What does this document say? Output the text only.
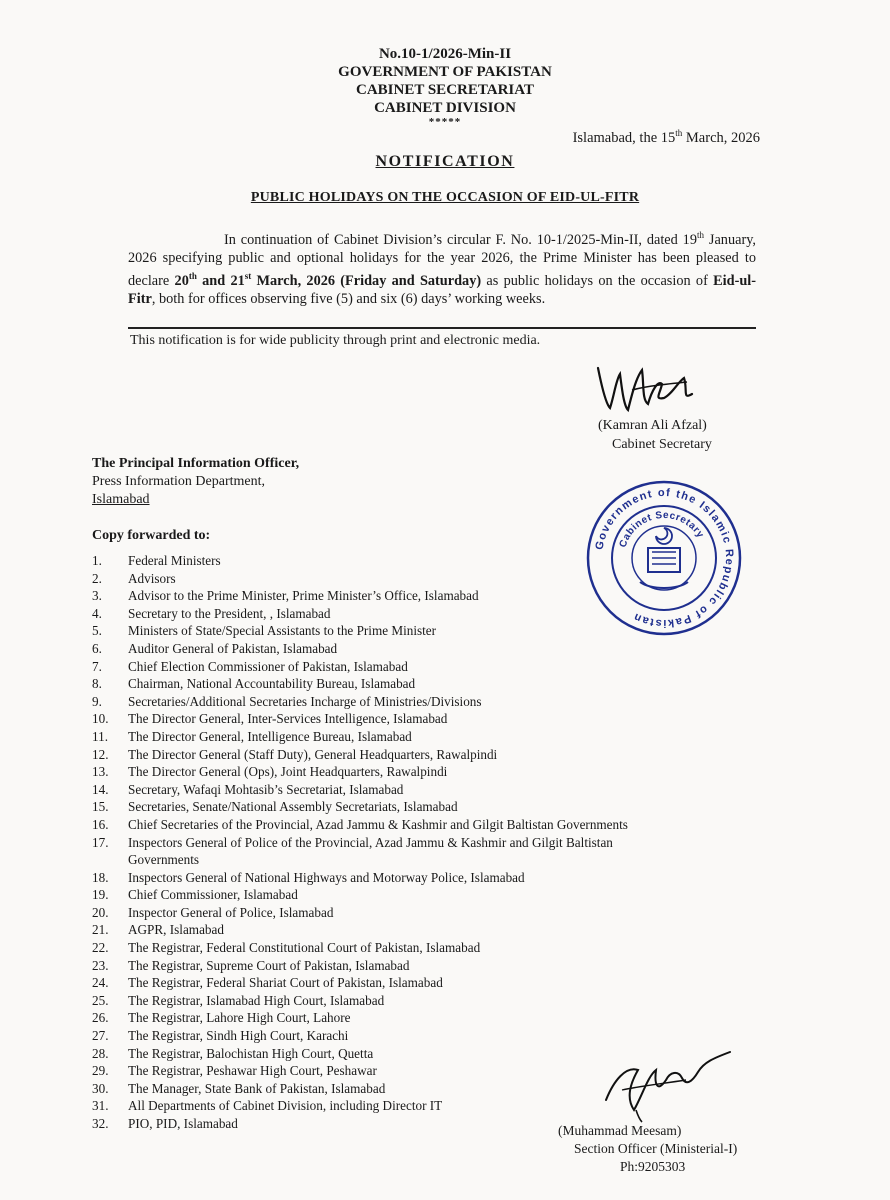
No.10-1/2026-Min-II
GOVERNMENT OF PAKISTAN
CABINET SECRETARIAT
CABINET DIVISION
*****
Islamabad, the 15th March, 2026
NOTIFICATION
PUBLIC HOLIDAYS ON THE OCCASION OF EID-UL-FITR
In continuation of Cabinet Division’s circular F. No. 10-1/2025-Min-II, dated 19th January, 2026 specifying public and optional holidays for the year 2026, the Prime Minister has been pleased to declare 20th and 21st March, 2026 (Friday and Saturday) as public holidays on the occasion of Eid-ul-Fitr, both for offices observing five (5) and six (6) days’ working weeks.
This notification is for wide publicity through print and electronic media.
(Kamran Ali Afzal)
Cabinet Secretary
The Principal Information Officer,
Press Information Department,
Islamabad
Copy forwarded to:
1.	Federal Ministers
2.	Advisors
3.	Advisor to the Prime Minister, Prime Minister’s Office, Islamabad
4.	Secretary to the President, , Islamabad
5.	Ministers of State/Special Assistants to the Prime Minister
6.	Auditor General of Pakistan, Islamabad
7.	Chief Election Commissioner of Pakistan, Islamabad
8.	Chairman, National Accountability Bureau, Islamabad
9.	Secretaries/Additional Secretaries Incharge of Ministries/Divisions
10.	The Director General, Inter-Services Intelligence, Islamabad
11.	The Director General, Intelligence Bureau, Islamabad
12.	The Director General (Staff Duty), General Headquarters, Rawalpindi
13.	The Director General (Ops), Joint Headquarters, Rawalpindi
14.	Secretary, Wafaqi Mohtasib’s Secretariat, Islamabad
15.	Secretaries, Senate/National Assembly Secretariats, Islamabad
16.	Chief Secretaries of the Provincial, Azad Jammu & Kashmir and Gilgit Baltistan Governments
17.	Inspectors General of Police of the Provincial, Azad Jammu & Kashmir and Gilgit Baltistan Governments
18.	Inspectors General of National Highways and Motorway Police, Islamabad
19.	Chief Commissioner, Islamabad
20.	Inspector General of Police, Islamabad
21.	AGPR, Islamabad
22.	The Registrar, Federal Constitutional Court of Pakistan, Islamabad
23.	The Registrar, Supreme Court of Pakistan, Islamabad
24.	The Registrar, Federal Shariat Court of Pakistan, Islamabad
25.	The Registrar, Islamabad High Court, Islamabad
26.	The Registrar, Lahore High Court, Lahore
27.	The Registrar, Sindh High Court, Karachi
28.	The Registrar, Balochistan High Court, Quetta
29.	The Registrar, Peshawar High Court, Peshawar
30.	The Manager, State Bank of Pakistan, Islamabad
31.	All Departments of Cabinet Division, including Director IT
32.	PIO, PID, Islamabad
Government of the Islamic Republic of Pakistan
Cabinet Secretary
(Muhammad Meesam)
Section Officer (Ministerial-I)
Ph:9205303
